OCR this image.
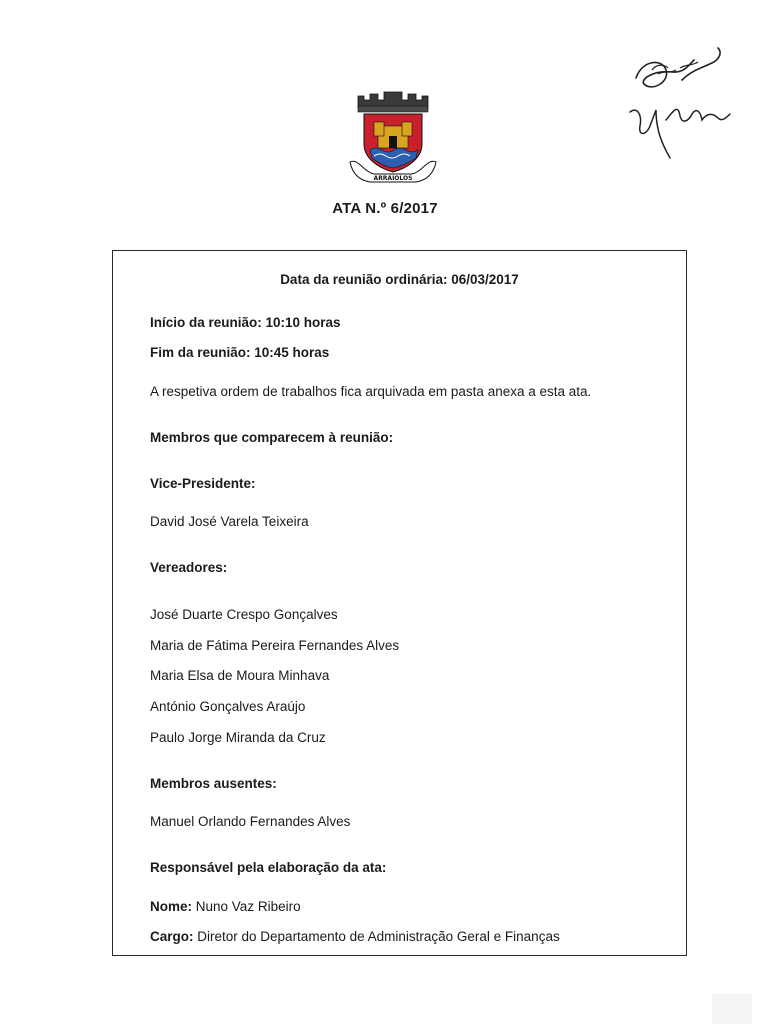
ARRAIOLOS
ATA N.º 6/2017
Data da reunião ordinária: 06/03/2017
Início da reunião: 10:10 horas
Fim da reunião: 10:45 horas
A respetiva ordem de trabalhos fica arquivada em pasta anexa a esta ata.
Membros que comparecem à reunião:
Vice-Presidente:
David José Varela Teixeira
Vereadores:
José Duarte Crespo Gonçalves
Maria de Fátima Pereira Fernandes Alves
Maria Elsa de Moura Minhava
António Gonçalves Araújo
Paulo Jorge Miranda da Cruz
Membros ausentes:
Manuel Orlando Fernandes Alves
Responsável pela elaboração da ata:
Nome: Nuno Vaz Ribeiro
Cargo: Diretor do Departamento de Administração Geral e Finanças
